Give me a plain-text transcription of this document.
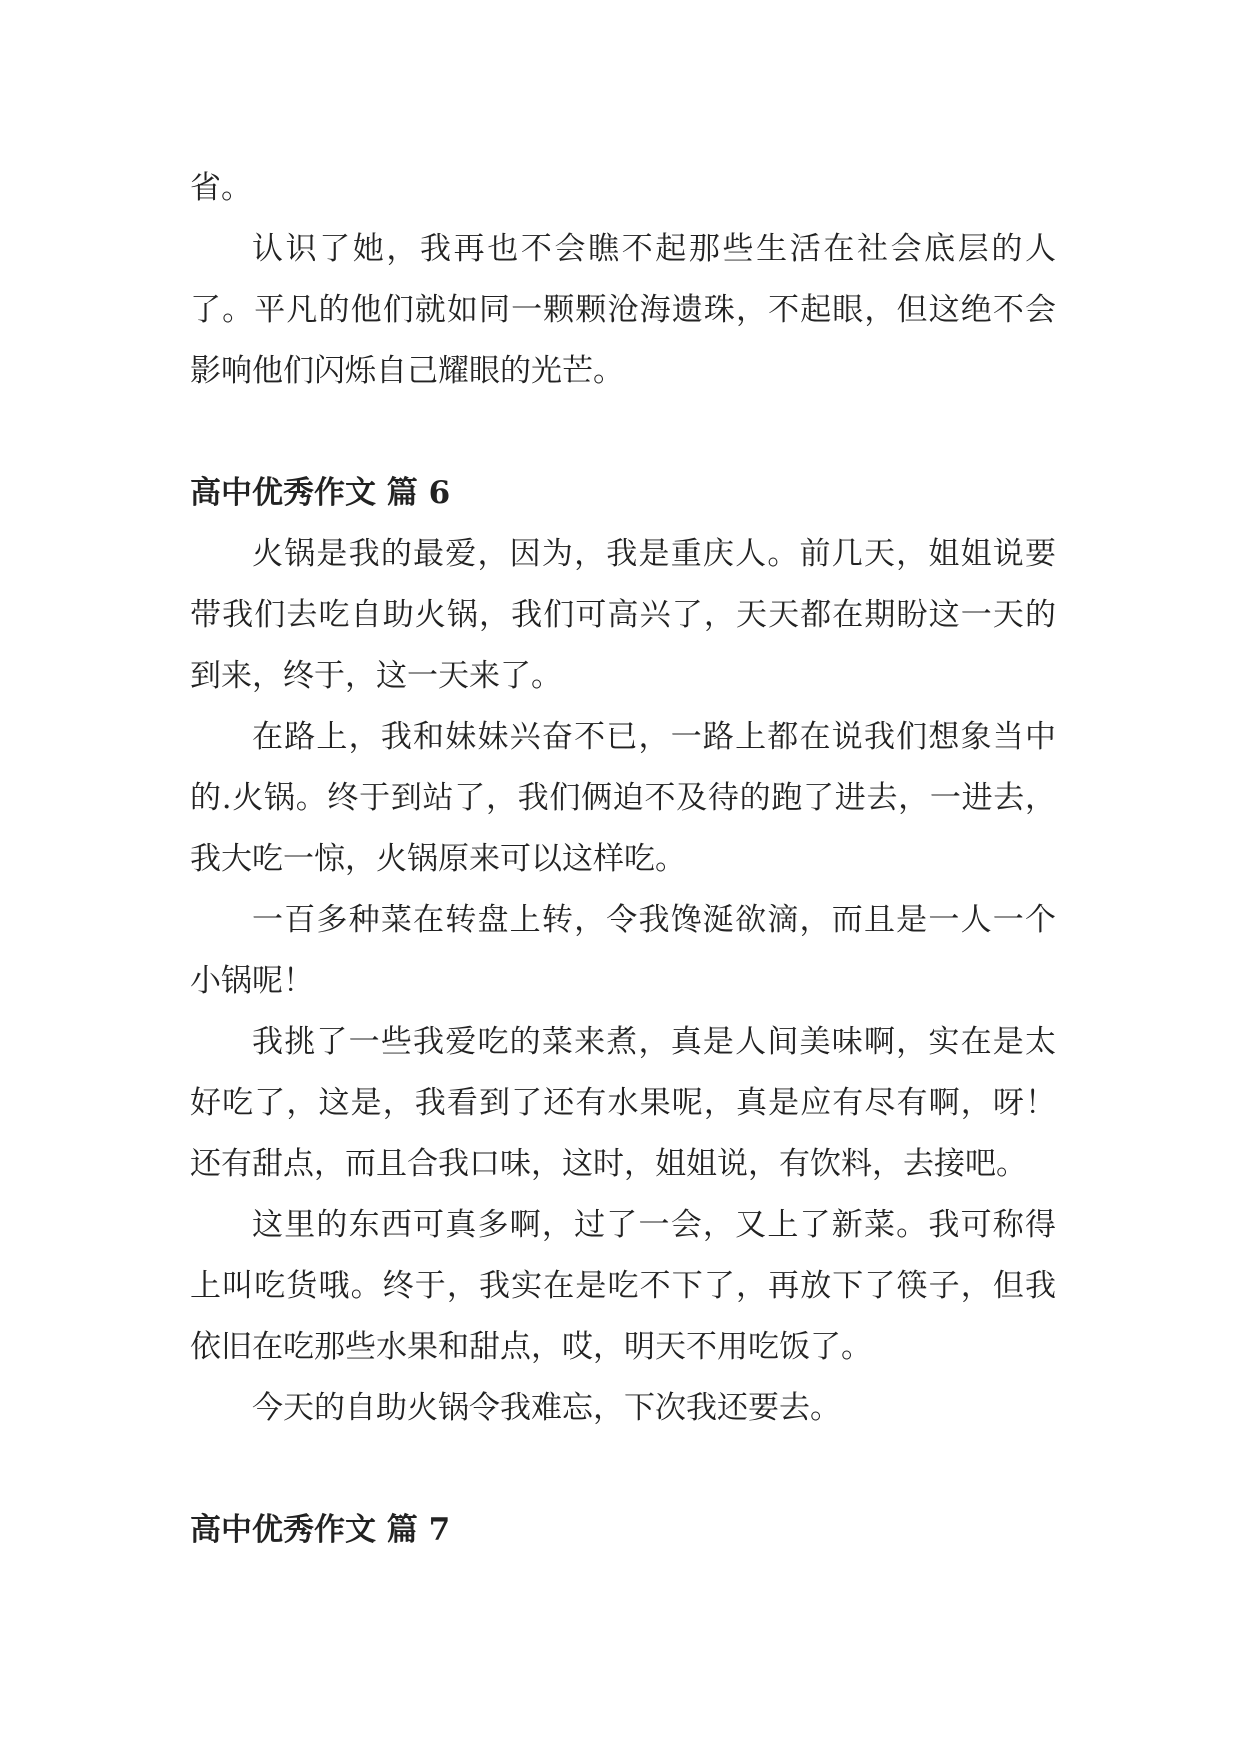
省。

认识了她，我再也不会瞧不起那些生活在社会底层的人了。平凡的他们就如同一颗颗沧海遗珠，不起眼，但这绝不会影响他们闪烁自己耀眼的光芒。

高中优秀作文 篇 6

火锅是我的最爱，因为，我是重庆人。前几天，姐姐说要带我们去吃自助火锅，我们可高兴了，天天都在期盼这一天的到来，终于，这一天来了。

在路上，我和妹妹兴奋不已，一路上都在说我们想象当中的.火锅。终于到站了，我们俩迫不及待的跑了进去，一进去，我大吃一惊，火锅原来可以这样吃。

一百多种菜在转盘上转，令我馋涎欲滴，而且是一人一个小锅呢！

我挑了一些我爱吃的菜来煮，真是人间美味啊，实在是太好吃了，这是，我看到了还有水果呢，真是应有尽有啊，呀！还有甜点，而且合我口味，这时，姐姐说，有饮料，去接吧。

这里的东西可真多啊，过了一会，又上了新菜。我可称得上叫吃货哦。终于，我实在是吃不下了，再放下了筷子，但我依旧在吃那些水果和甜点，哎，明天不用吃饭了。

今天的自助火锅令我难忘，下次我还要去。

高中优秀作文 篇 7
